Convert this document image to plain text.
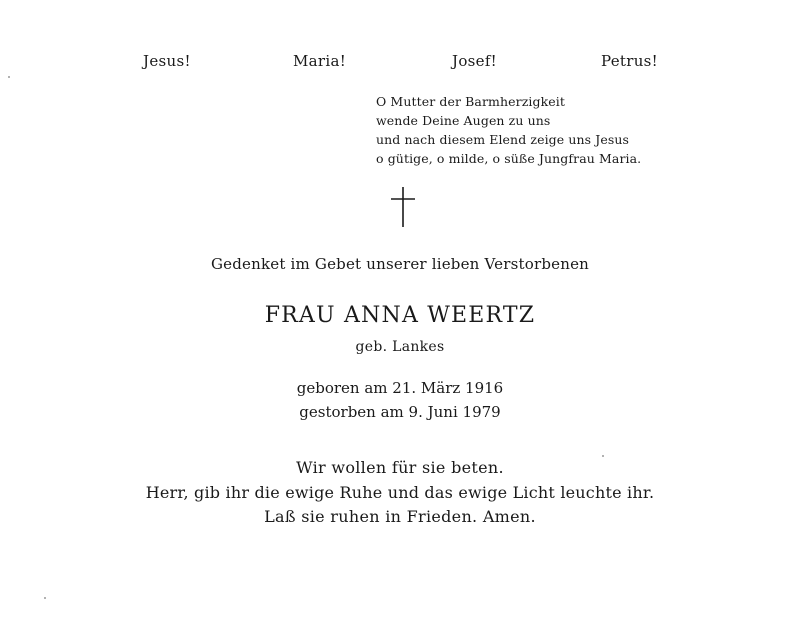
Jesus!	Maria!	Josef!	Petrus!
O Mutter der Barmherzigkeit
wende Deine Augen zu uns
und nach diesem Elend zeige uns Jesus
o gütige, o milde, o süße Jungfrau Maria.
Gedenket im Gebet unserer lieben Verstorbenen
FRAU ANNA WEERTZ
geb. Lankes
geboren am 21. März 1916
gestorben am 9. Juni 1979
Wir wollen für sie beten.
Herr, gib ihr die ewige Ruhe und das ewige Licht leuchte ihr.
Laß sie ruhen in Frieden. Amen.
